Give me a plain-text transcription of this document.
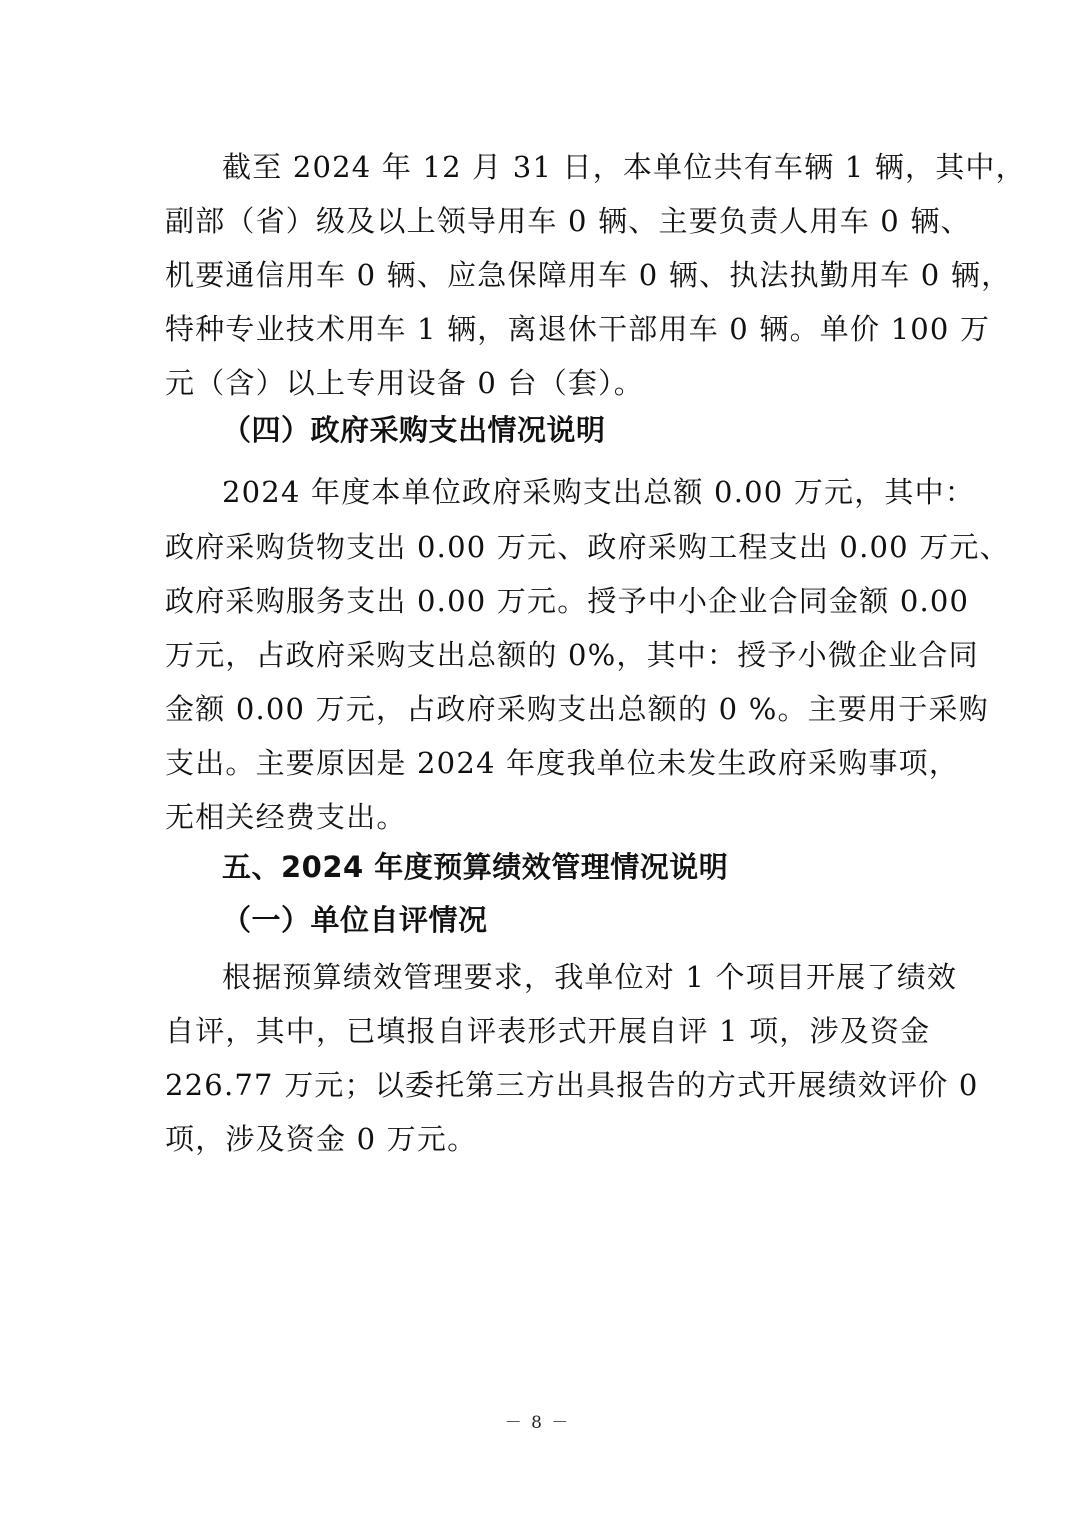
截至 2024 年 12 月 31 日，本单位共有车辆 1 辆，其中，
副部（省）级及以上领导用车 0 辆、主要负责人用车 0 辆、
机要通信用车 0 辆、应急保障用车 0 辆、执法执勤用车 0 辆，
特种专业技术用车 1 辆，离退休干部用车 0 辆。单价 100 万
元（含）以上专用设备 0 台（套）。
（四）政府采购支出情况说明
2024 年度本单位政府采购支出总额 0.00 万元，其中：
政府采购货物支出 0.00 万元、政府采购工程支出 0.00 万元、
政府采购服务支出 0.00 万元。授予中小企业合同金额 0.00
万元，占政府采购支出总额的 0%，其中：授予小微企业合同
金额 0.00 万元，占政府采购支出总额的 0 %。主要用于采购
支出。主要原因是 2024 年度我单位未发生政府采购事项，
无相关经费支出。
五、2024 年度预算绩效管理情况说明
（一）单位自评情况
根据预算绩效管理要求，我单位对 1 个项目开展了绩效
自评，其中，已填报自评表形式开展自评 1 项，涉及资金
226.77 万元；以委托第三方出具报告的方式开展绩效评价 0
项，涉及资金 0 万元。
－ 8 －
